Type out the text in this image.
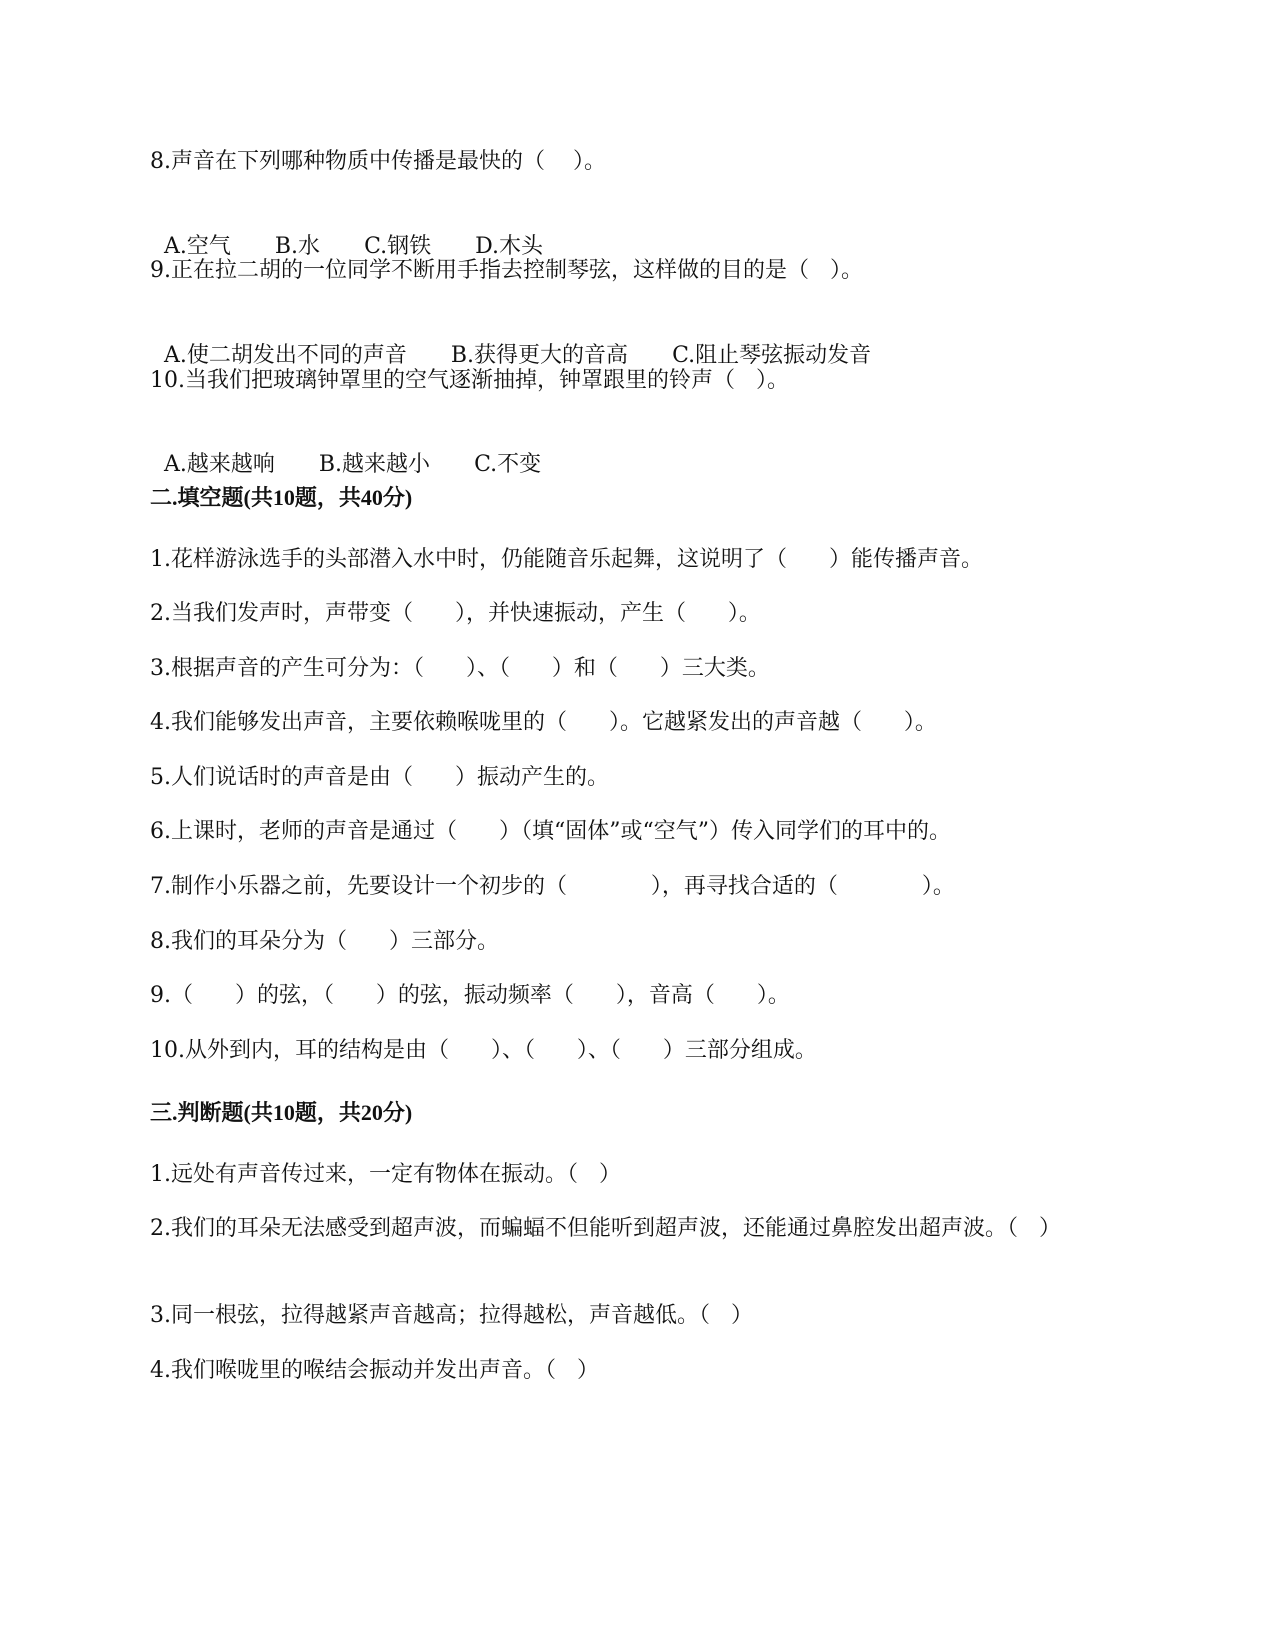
8.声音在下列哪种物质中传播是最快的（    ）。

A.空气 B.水 C.钢铁 D.木头

9.正在拉二胡的一位同学不断用手指去控制琴弦，这样做的目的是（   ）。

A.使二胡发出不同的声音 B.获得更大的音高 C.阻止琴弦振动发音

10.当我们把玻璃钟罩里的空气逐渐抽掉，钟罩跟里的铃声（   ）。

A.越来越响 B.越来越小 C.不变

二.填空题(共10题，共40分)

1.花样游泳选手的头部潜入水中时，仍能随音乐起舞，这说明了（      ）能传播声音。

2.当我们发声时，声带变（      ），并快速振动，产生（      ）。

3.根据声音的产生可分为：（      ）、（      ）和（      ）三大类。

4.我们能够发出声音，主要依赖喉咙里的（      ）。它越紧发出的声音越（      ）。

5.人们说话时的声音是由（      ）振动产生的。

6.上课时，老师的声音是通过（      ）（填“固体”或“空气”）传入同学们的耳中的。

7.制作小乐器之前，先要设计一个初步的（            ），再寻找合适的（            ）。

8.我们的耳朵分为（      ）三部分。

9.（      ）的弦，（      ）的弦，振动频率（      ），音高（      ）。

10.从外到内，耳的结构是由（      ）、（      ）、（      ）三部分组成。

三.判断题(共10题，共20分)

1.远处有声音传过来，一定有物体在振动。（   ）

2.我们的耳朵无法感受到超声波，而蝙蝠不但能听到超声波，还能通过鼻腔发出超声波。（   ）

3.同一根弦，拉得越紧声音越高；拉得越松，声音越低。（   ）

4.我们喉咙里的喉结会振动并发出声音。（   ）
